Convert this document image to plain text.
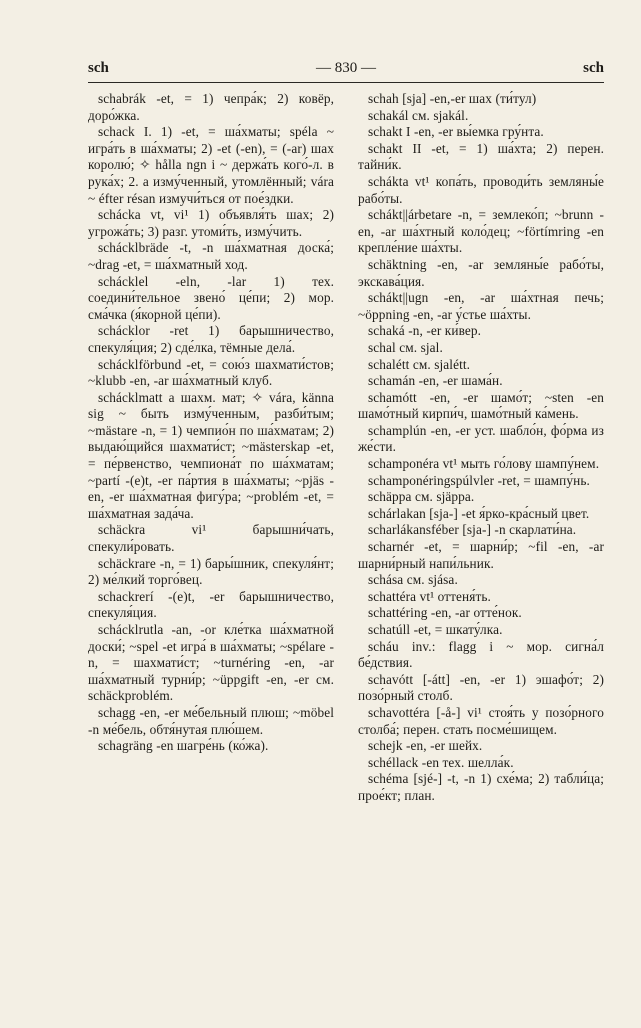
— 830 —
sch	sch

schabrák -et, = 1) чепра́к; 2) ковёр, доро́жка.

schack I. 1) -et, = ша́хматы; spéla ~ игра́ть в ша́хматы; 2) -et (-en), = (-ar) шах королю́; ✧ hålla ngn i ~ держа́ть кого́-л. в рука́х; 2. a изму́ченный, утомлённый; vára ~ éfter résan измучи́ться от пое́здки.

schácka vt, vi¹ 1) объявля́ть шах; 2) угрожа́ть; 3) разг. утоми́ть, изму́чить.

schácklbräde -t, -n ша́хматная доска́; ~drag -et, = ша́хматный ход.

schácklel -eln, -lar 1) тех. соедини́тельное звено́ це́пи; 2) мор. сма́чка (я́корной це́пи).

schácklor -ret 1) барышничество, спекуля́ция; 2) сде́лка, тёмные дела́.

schácklförbund -et, = сою́з шахмати́стов; ~klubb -en, -ar ша́хматный клуб.

schácklmatt a шахм. мат; ✧ vára, känna sig ~ быть изму́ченным, разби́тым; ~mästare -n, = 1) чемпио́н по ша́хматам; 2) выдаю́щийся шахмати́ст; ~mästerskap -et, = пе́рвенство, чемпиона́т по ша́хматам; ~partí -(e)t, -er па́ртия в ша́хматы; ~pjäs -en, -er ша́хматная фигу́ра; ~problém -et, = ша́хматная зада́ча.

schäckra vi¹ барышни́чать, спекули́ровать.

schäckrare -n, = 1) бары́шник, спекуля́нт; 2) ме́лкий торго́вец.

schackrerí -(e)t, -er барышничество, спекуля́ция.

schácklrutla -an, -or кле́тка ша́хматной доски́; ~spel -et игра́ в ша́хматы; ~spélare -n, = шахмати́ст; ~turnéring -en, -ar ша́хматный турни́р; ~üppgift -en, -er см. schäckproblém.

schagg -en, -er ме́бельный плюш; ~möbel -n ме́бель, обтя́нутая плю́шем.

schagräng -en шагре́нь (ко́жа).

schah [sja] -en,-er шах (ти́тул)

schakál см. sjakál.

schakt I -en, -er вы́емка гру́нта.

schakt II -et, = 1) ша́хта; 2) перен. тайни́к.

schákta vt¹ копа́ть, проводи́ть земляны́е рабо́ты.

schákt||árbetare -n, = землеко́п; ~brunn -en, -ar ша́хтный коло́дец; ~förtímring -en крепле́ние ша́хты.

schäktning -en, -ar земляны́е рабо́ты, экскава́ция.

schákt||ugn -en, -ar ша́хтная печь; ~öppning -en, -ar у́стье ша́хты.

schaká -n, -er ки́вер.

schal см. sjal.

schalétt см. sjalétt.

schamán -en, -er шама́н.

schamótt -en, -er шамо́т; ~sten -en шамо́тный кирпи́ч, шамо́тный ка́мень.

schamplún -en, -er уст. шабло́н, фо́рма из же́сти.

schamponéra vt¹ мыть го́лову шампу́нем.

schamponéringspúlvler -ret, = шампу́нь.

schäppa см. sjäppa.

schárlakan [sja-] -et я́рко-кра́сный цвет.

scharlákansféber [sja-] -n скарлати́на.

scharnér -et, = шарни́р; ~fil -en, -ar шарни́рный напи́льник.

schása см. sjása.

schattéra vt¹ оттеня́ть.

schattéring -en, -ar отте́нок.

schatúll -et, = шкату́лка.

scháu inv.: flagg i ~ мор. сигна́л бе́дствия.

schavótt [-átt] -en, -er 1) эшафо́т; 2) позо́рный столб.

schavottéra [-å-] vi¹ стоя́ть у позо́рного столба́; перен. стать посме́шищем.

schejk -en, -er шейх.

schéllack -en тех. шелла́к.

schéma [sjé-] -t, -n 1) схе́ма; 2) табли́ца; прое́кт; план.
